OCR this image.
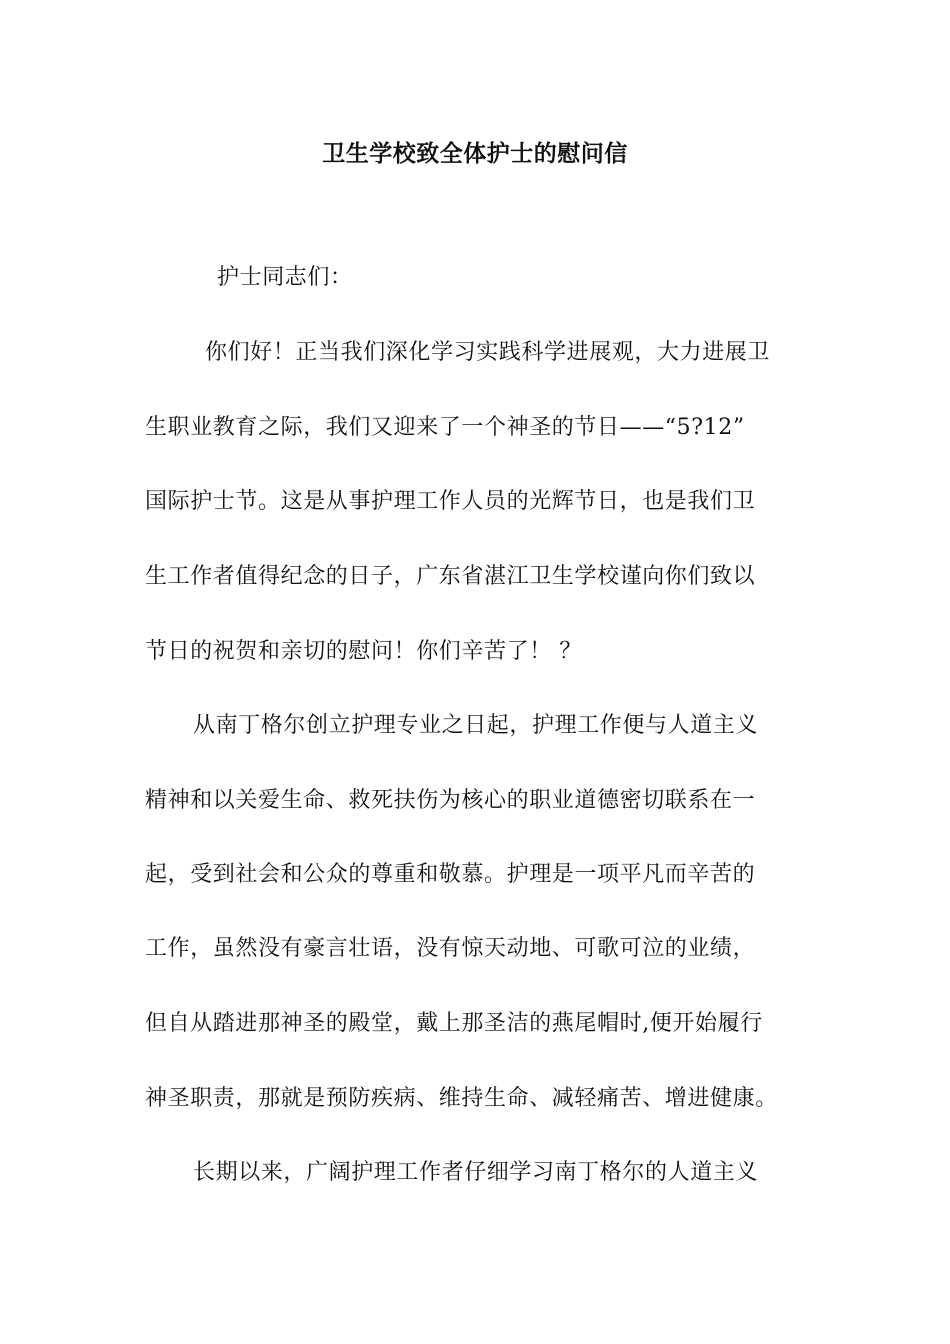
卫生学校致全体护士的慰问信
护士同志们：
你们好！正当我们深化学习实践科学进展观，大力进展卫
生职业教育之际，我们又迎来了一个神圣的节日——“5?12”
国际护士节。这是从事护理工作人员的光辉节日，也是我们卫
生工作者值得纪念的日子，广东省湛江卫生学校谨向你们致以
节日的祝贺和亲切的慰问！你们辛苦了！ ？
从南丁格尔创立护理专业之日起，护理工作便与人道主义
精神和以关爱生命、救死扶伤为核心的职业道德密切联系在一
起，受到社会和公众的尊重和敬慕。护理是一项平凡而辛苦的
工作，虽然没有豪言壮语，没有惊天动地、可歌可泣的业绩，
但自从踏进那神圣的殿堂，戴上那圣洁的燕尾帽时,便开始履行
神圣职责，那就是预防疾病、维持生命、减轻痛苦、增进健康。
长期以来，广阔护理工作者仔细学习南丁格尔的人道主义
